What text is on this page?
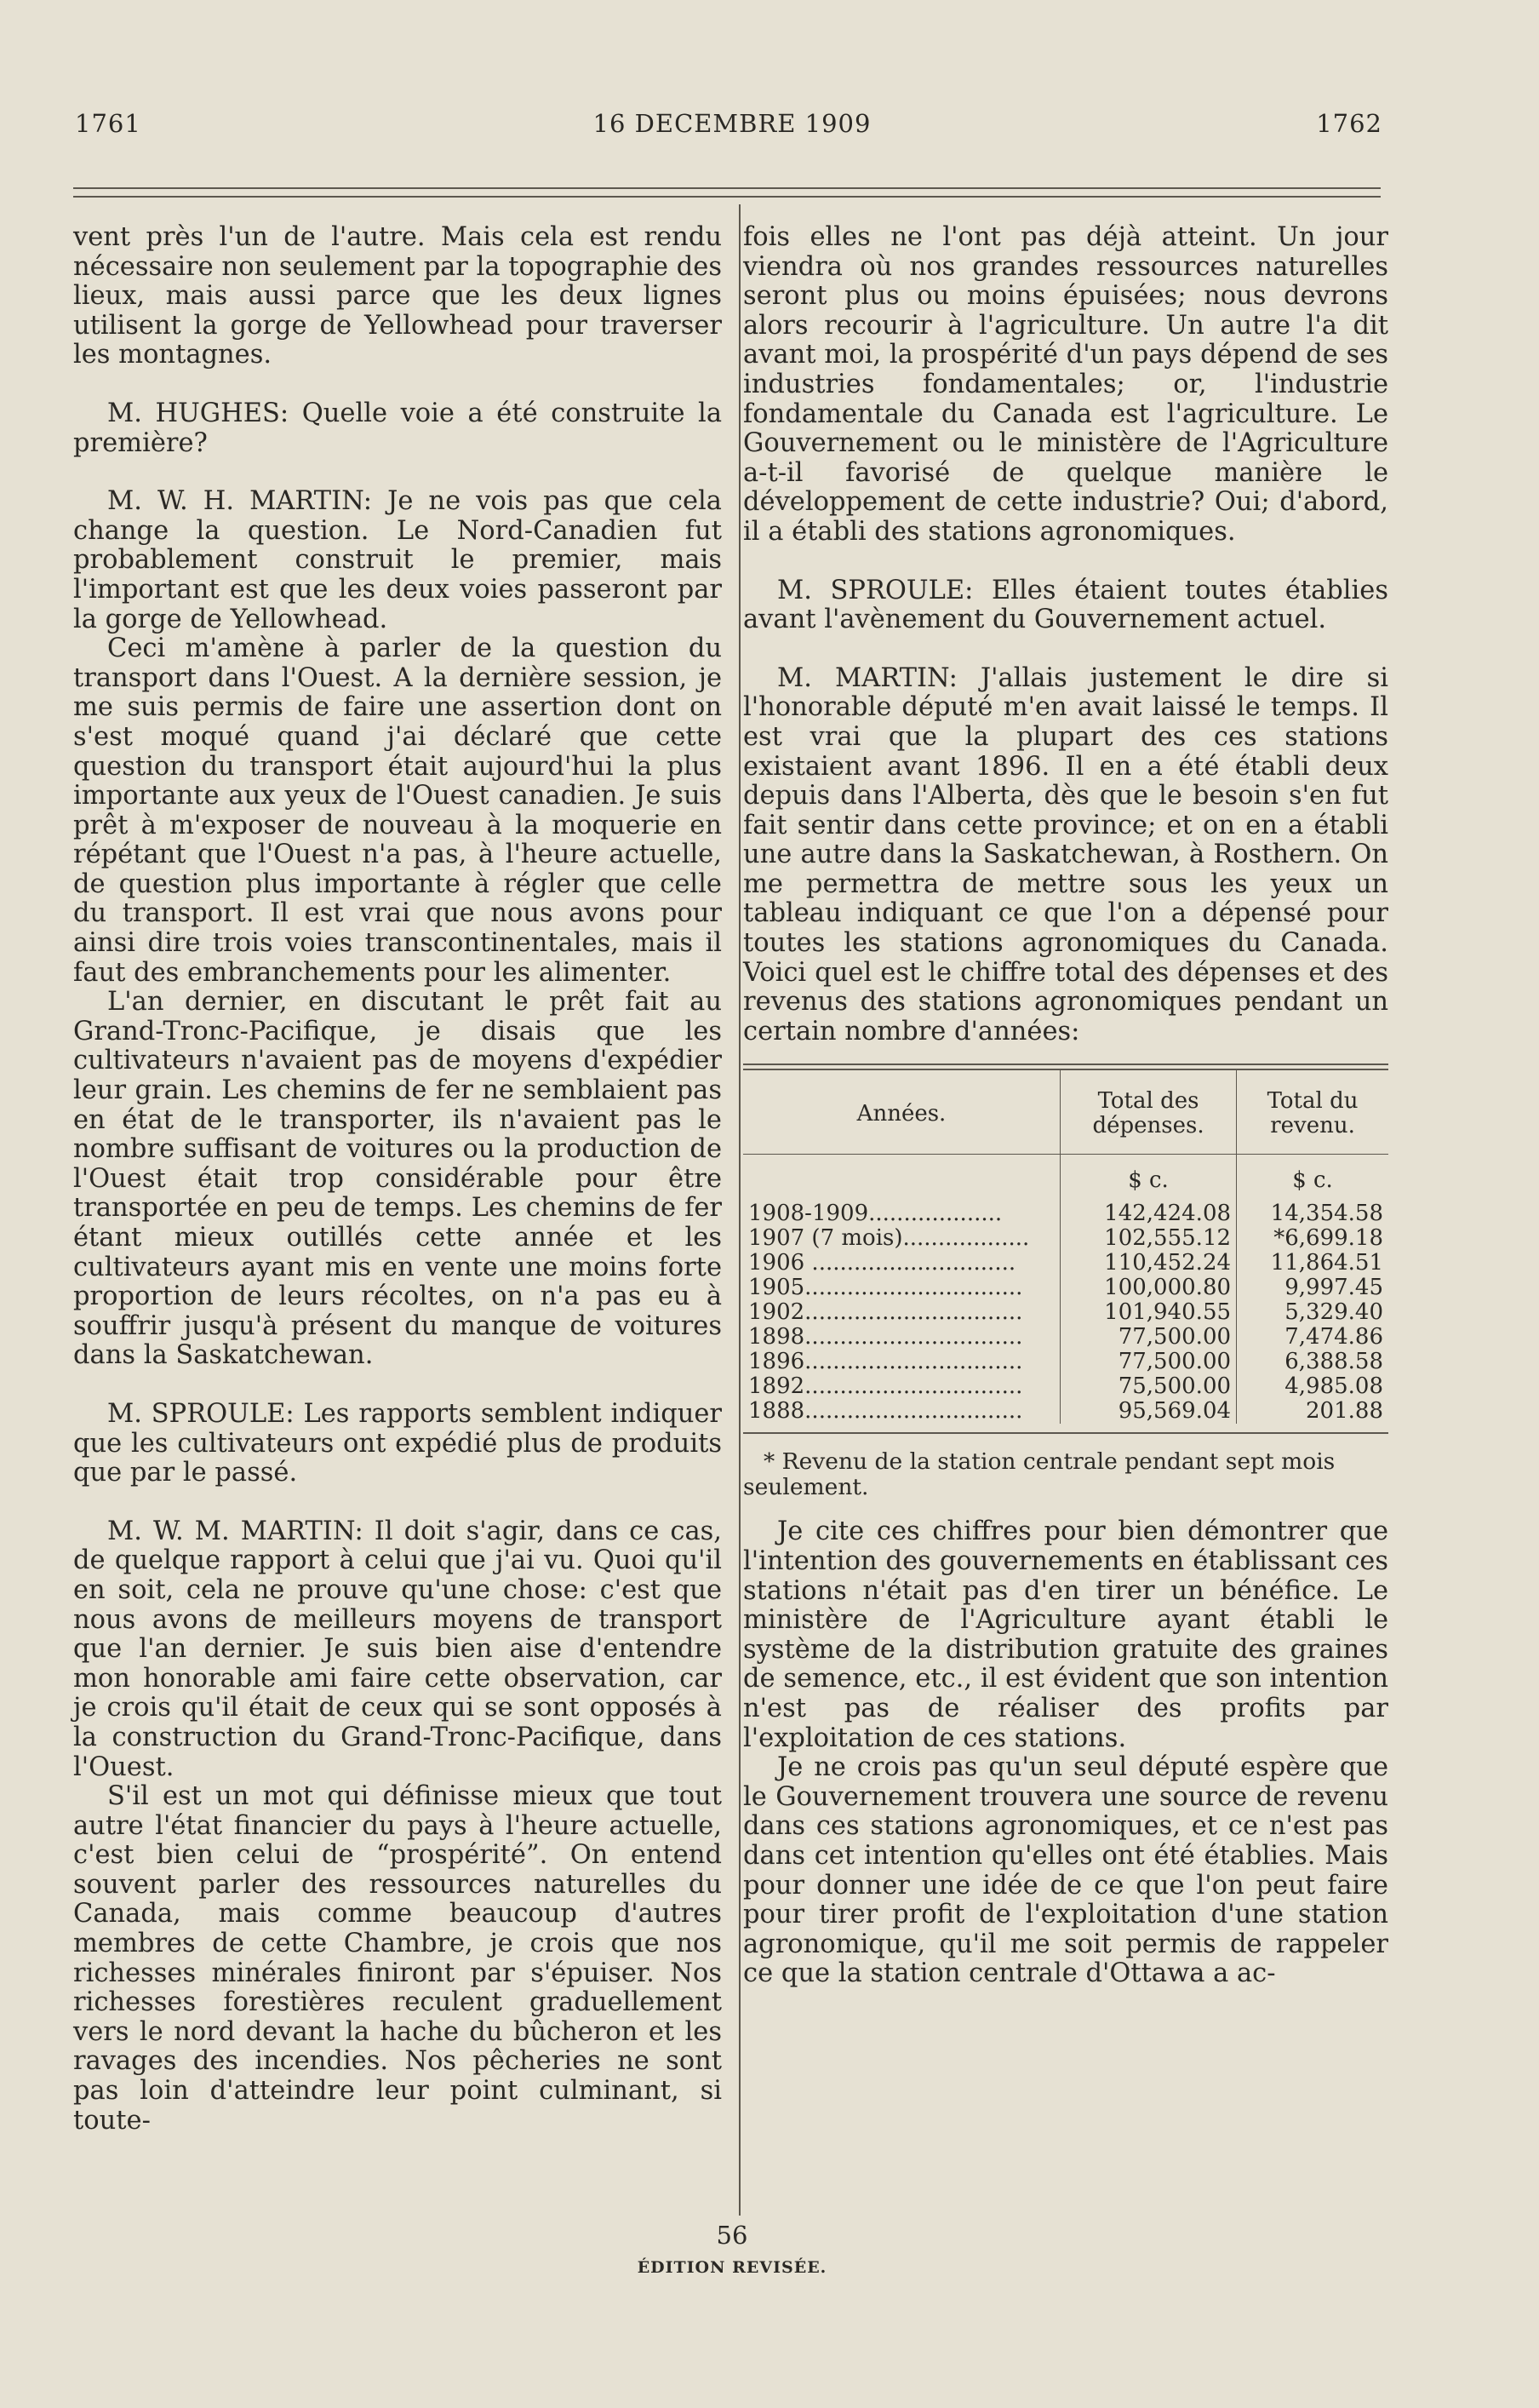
1761	16 DECEMBRE 1909	1762

vent près l'un de l'autre. Mais cela est rendu nécessaire non seulement par la topographie des lieux, mais aussi parce que les deux lignes utilisent la gorge de Yellowhead pour traverser les montagnes.

M. HUGHES: Quelle voie a été construite la première?

M. W. H. MARTIN: Je ne vois pas que cela change la question. Le Nord-Canadien fut probablement construit le premier, mais l'important est que les deux voies passeront par la gorge de Yellowhead.

Ceci m'amène à parler de la question du transport dans l'Ouest. A la dernière session, je me suis permis de faire une assertion dont on s'est moqué quand j'ai déclaré que cette question du transport était aujourd'hui la plus importante aux yeux de l'Ouest canadien. Je suis prêt à m'exposer de nouveau à la moquerie en répétant que l'Ouest n'a pas, à l'heure actuelle, de question plus importante à régler que celle du transport. Il est vrai que nous avons pour ainsi dire trois voies transcontinentales, mais il faut des embranchements pour les alimenter.

L'an dernier, en discutant le prêt fait au Grand-Tronc-Pacifique, je disais que les cultivateurs n'avaient pas de moyens d'expédier leur grain. Les chemins de fer ne semblaient pas en état de le transporter, ils n'avaient pas le nombre suffisant de voitures ou la production de l'Ouest était trop considérable pour être transportée en peu de temps. Les chemins de fer étant mieux outillés cette année et les cultivateurs ayant mis en vente une moins forte proportion de leurs récoltes, on n'a pas eu à souffrir jusqu'à présent du manque de voitures dans la Saskatchewan.

M. SPROULE: Les rapports semblent indiquer que les cultivateurs ont expédié plus de produits que par le passé.

M. W. M. MARTIN: Il doit s'agir, dans ce cas, de quelque rapport à celui que j'ai vu. Quoi qu'il en soit, cela ne prouve qu'une chose: c'est que nous avons de meilleurs moyens de transport que l'an dernier. Je suis bien aise d'entendre mon honorable ami faire cette observation, car je crois qu'il était de ceux qui se sont opposés à la construction du Grand-Tronc-Pacifique, dans l'Ouest.

S'il est un mot qui définisse mieux que tout autre l'état financier du pays à l'heure actuelle, c'est bien celui de “prospérité”. On entend souvent parler des ressources naturelles du Canada, mais comme beaucoup d'autres membres de cette Chambre, je crois que nos richesses minérales finiront par s'épuiser. Nos richesses forestières reculent graduellement vers le nord devant la hache du bûcheron et les ravages des incendies. Nos pêcheries ne sont pas loin d'atteindre leur point culminant, si toute-

fois elles ne l'ont pas déjà atteint. Un jour viendra où nos grandes ressources naturelles seront plus ou moins épuisées; nous devrons alors recourir à l'agriculture. Un autre l'a dit avant moi, la prospérité d'un pays dépend de ses industries fondamentales; or, l'industrie fondamentale du Canada est l'agriculture. Le Gouvernement ou le ministère de l'Agriculture a-t-il favorisé de quelque manière le développement de cette industrie? Oui; d'abord, il a établi des stations agronomiques.

M. SPROULE: Elles étaient toutes établies avant l'avènement du Gouvernement actuel.

M. MARTIN: J'allais justement le dire si l'honorable député m'en avait laissé le temps. Il est vrai que la plupart des ces stations existaient avant 1896. Il en a été établi deux depuis dans l'Alberta, dès que le besoin s'en fut fait sentir dans cette province; et on en a établi une autre dans la Saskatchewan, à Rosthern. On me permettra de mettre sous les yeux un tableau indiquant ce que l'on a dépensé pour toutes les stations agronomiques du Canada. Voici quel est le chiffre total des dépenses et des revenus des stations agronomiques pendant un certain nombre d'années:

Années.	Total des dépenses.	Total du revenu.

	$ c.	$ c.
1908-1909...................	142,424.08	14,354.58
1907 (7 mois)..................	102,555.12	*6,699.18
1906 .............................	110,452.24	11,864.51
1905...............................	100,000.80	9,997.45
1902...............................	101,940.55	5,329.40
1898...............................	77,500.00	7,474.86
1896...............................	77,500.00	6,388.58
1892...............................	75,500.00	4,985.08
1888...............................	95,569.04	201.88

* Revenu de la station centrale pendant sept mois seulement.

Je cite ces chiffres pour bien démontrer que l'intention des gouvernements en établissant ces stations n'était pas d'en tirer un bénéfice. Le ministère de l'Agriculture ayant établi le système de la distribution gratuite des graines de semence, etc., il est évident que son intention n'est pas de réaliser des profits par l'exploitation de ces stations.

Je ne crois pas qu'un seul député espère que le Gouvernement trouvera une source de revenu dans ces stations agronomiques, et ce n'est pas dans cet intention qu'elles ont été établies. Mais pour donner une idée de ce que l'on peut faire pour tirer profit de l'exploitation d'une station agronomique, qu'il me soit permis de rappeler ce que la station centrale d'Ottawa a ac-

56
ÉDITION REVISÉE.
